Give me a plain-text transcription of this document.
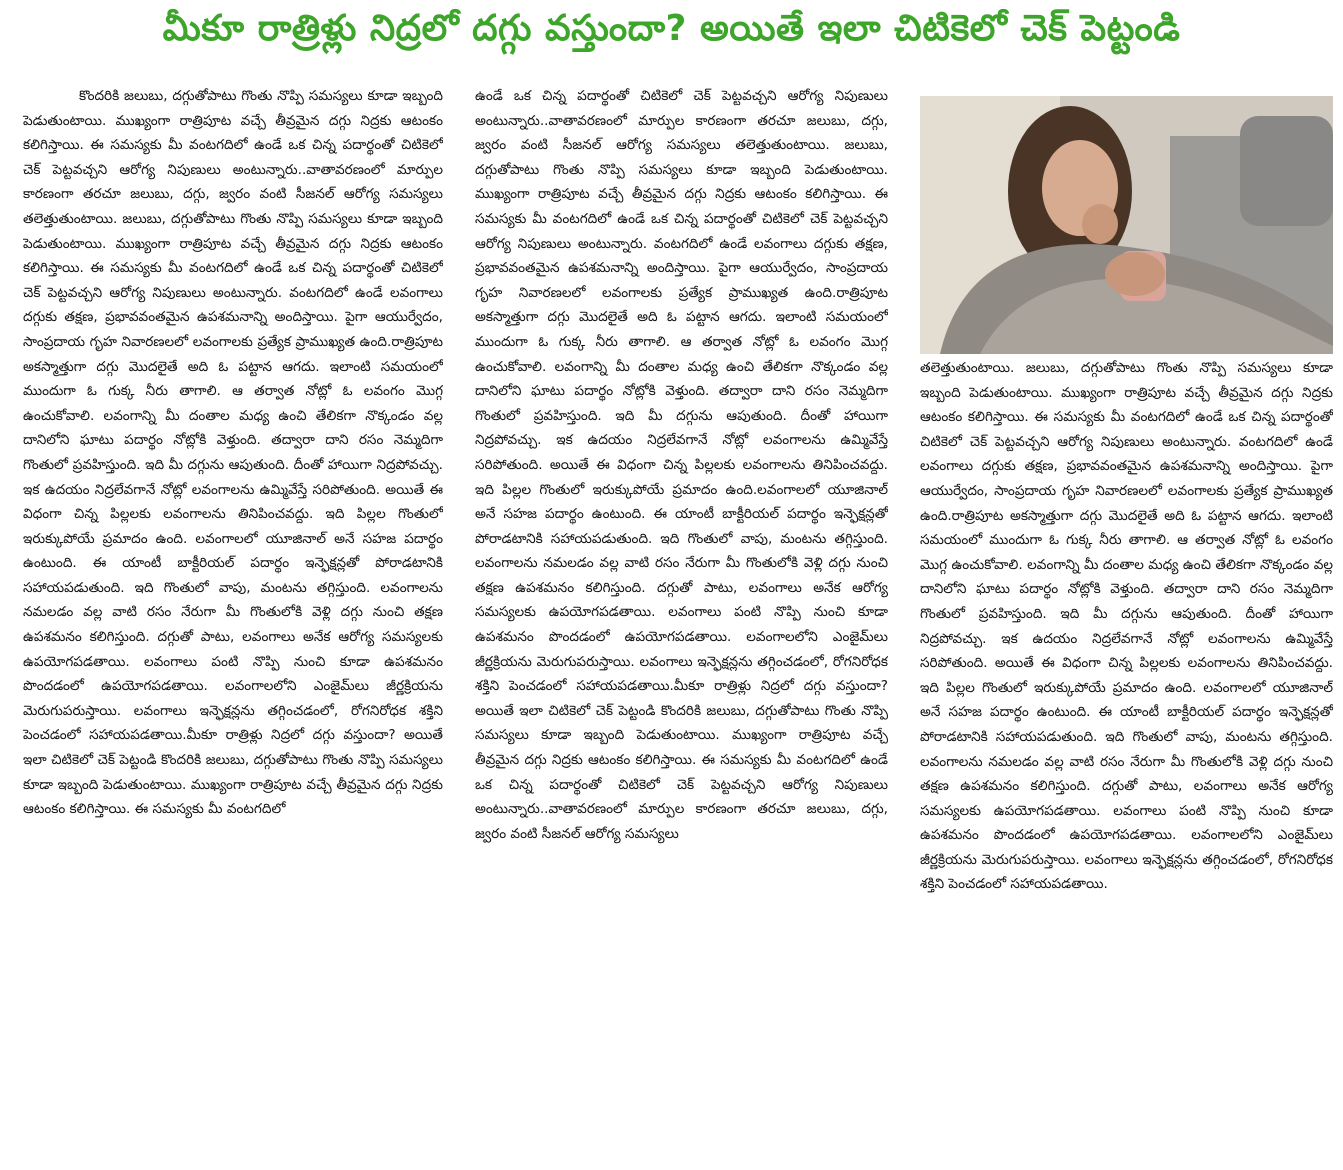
మీకూ రాత్రిళ్లు నిద్రలో దగ్గు వస్తుందా? అయితే ఇలా చిటికెలో చెక్ పెట్టండి

కొందరికి జలుబు, దగ్గుతోపాటు గొంతు నొప్పి సమస్యలు కూడా ఇబ్బంది పెడుతుంటాయి. ముఖ్యంగా రాత్రిపూట వచ్చే తీవ్రమైన దగ్గు నిద్రకు ఆటంకం కలిగిస్తాయి. ఈ సమస్యకు మీ వంటగదిలో ఉండే ఒక చిన్న పదార్థంతో చిటికెలో చెక్ పెట్టవచ్చని ఆరోగ్య నిపుణులు అంటున్నారు..వాతావరణంలో మార్పుల కారణంగా తరచూ జలుబు, దగ్గు, జ్వరం వంటి సీజనల్ ఆరోగ్య సమస్యలు తలెత్తుతుంటాయి. జలుబు, దగ్గుతోపాటు గొంతు నొప్పి సమస్యలు కూడా ఇబ్బంది పెడుతుంటాయి. ముఖ్యంగా రాత్రిపూట వచ్చే తీవ్రమైన దగ్గు నిద్రకు ఆటంకం కలిగిస్తాయి. ఈ సమస్యకు మీ వంటగదిలో ఉండే ఒక చిన్న పదార్థంతో చిటికెలో చెక్ పెట్టవచ్చని ఆరోగ్య నిపుణులు అంటున్నారు. వంటగదిలో ఉండే లవంగాలు దగ్గుకు తక్షణ, ప్రభావవంతమైన ఉపశమనాన్ని అందిస్తాయి. పైగా ఆయుర్వేదం, సాంప్రదాయ గృహ నివారణలలో లవంగాలకు ప్రత్యేక ప్రాముఖ్యత ఉంది.రాత్రిపూట అకస్మాత్తుగా దగ్గు మొదలైతే అది ఓ పట్టాన ఆగదు. ఇలాంటి సమయంలో ముందుగా ఓ గుక్క నీరు తాగాలి. ఆ తర్వాత నోట్లో ఓ లవంగం మొగ్గ ఉంచుకోవాలి. లవంగాన్ని మీ దంతాల మధ్య ఉంచి తేలికగా నొక్కండం వల్ల దానిలోని ఘాటు పదార్థం నోట్లోకి వెళ్తుంది. తద్వారా దాని రసం నెమ్మదిగా గొంతులో ప్రవహిస్తుంది. ఇది మీ దగ్గును ఆపుతుంది. దీంతో హాయిగా నిద్రపోవచ్చు. ఇక ఉదయం నిద్రలేవగానే నోట్లో లవంగాలను ఉమ్మివేస్తే సరిపోతుంది. అయితే ఈ విధంగా చిన్న పిల్లలకు లవంగాలను తినిపించవద్దు. ఇది పిల్లల గొంతులో ఇరుక్కుపోయే ప్రమాదం ఉంది. లవంగాలలో యూజినాల్ అనే సహజ పదార్థం ఉంటుంది. ఈ యాంటీ బాక్టీరియల్ పదార్థం ఇన్ఫెక్షన్లతో పోరాడటానికి సహాయపడుతుంది. ఇది గొంతులో వాపు, మంటను తగ్గిస్తుంది. లవంగాలను నమలడం వల్ల వాటి రసం నేరుగా మీ గొంతులోకి వెళ్లి దగ్గు నుంచి తక్షణ ఉపశమనం కలిగిస్తుంది. దగ్గుతో పాటు, లవంగాలు అనేక ఆరోగ్య సమస్యలకు ఉపయోగపడతాయి. లవంగాలు పంటి నొప్పి నుంచి కూడా ఉపశమనం పొందడంలో ఉపయోగపడతాయి. లవంగాలలోని ఎంజైమ్‌లు జీర్ణక్రియను మెరుగుపరుస్తాయి. లవంగాలు ఇన్ఫెక్షన్లను తగ్గించడంలో, రోగనిరోధక శక్తిని పెంచడంలో సహాయపడతాయి.మీకూ రాత్రిళ్లు నిద్రలో దగ్గు వస్తుందా? అయితే ఇలా చిటికెలో చెక్ పెట్టండి కొందరికి జలుబు, దగ్గుతోపాటు గొంతు నొప్పి సమస్యలు కూడా ఇబ్బంది పెడుతుంటాయి. ముఖ్యంగా రాత్రిపూట వచ్చే తీవ్రమైన దగ్గు నిద్రకు ఆటంకం కలిగిస్తాయి. ఈ సమస్యకు మీ వంటగదిలో

ఉండే ఒక చిన్న పదార్థంతో చిటికెలో చెక్ పెట్టవచ్చని ఆరోగ్య నిపుణులు అంటున్నారు..వాతావరణంలో మార్పుల కారణంగా తరచూ జలుబు, దగ్గు, జ్వరం వంటి సీజనల్ ఆరోగ్య సమస్యలు తలెత్తుతుంటాయి. జలుబు, దగ్గుతోపాటు గొంతు నొప్పి సమస్యలు కూడా ఇబ్బంది పెడుతుంటాయి. ముఖ్యంగా రాత్రిపూట వచ్చే తీవ్రమైన దగ్గు నిద్రకు ఆటంకం కలిగిస్తాయి. ఈ సమస్యకు మీ వంటగదిలో ఉండే ఒక చిన్న పదార్థంతో చిటికెలో చెక్ పెట్టవచ్చని ఆరోగ్య నిపుణులు అంటున్నారు. వంటగదిలో ఉండే లవంగాలు దగ్గుకు తక్షణ, ప్రభావవంతమైన ఉపశమనాన్ని అందిస్తాయి. పైగా ఆయుర్వేదం, సాంప్రదాయ గృహ నివారణలలో లవంగాలకు ప్రత్యేక ప్రాముఖ్యత ఉంది.రాత్రిపూట అకస్మాత్తుగా దగ్గు మొదలైతే అది ఓ పట్టాన ఆగదు. ఇలాంటి సమయంలో ముందుగా ఓ గుక్క నీరు తాగాలి. ఆ తర్వాత నోట్లో ఓ లవంగం మొగ్గ ఉంచుకోవాలి. లవంగాన్ని మీ దంతాల మధ్య ఉంచి తేలికగా నొక్కండం వల్ల దానిలోని ఘాటు పదార్థం నోట్లోకి వెళ్తుంది. తద్వారా దాని రసం నెమ్మదిగా గొంతులో ప్రవహిస్తుంది. ఇది మీ దగ్గును ఆపుతుంది. దీంతో హాయిగా నిద్రపోవచ్చు. ఇక ఉదయం నిద్రలేవగానే నోట్లో లవంగాలను ఉమ్మివేస్తే సరిపోతుంది. అయితే ఈ విధంగా చిన్న పిల్లలకు లవంగాలను తినిపించవద్దు. ఇది పిల్లల గొంతులో ఇరుక్కుపోయే ప్రమాదం ఉంది.లవంగాలలో యూజినాల్ అనే సహజ పదార్థం ఉంటుంది. ఈ యాంటీ బాక్టీరియల్ పదార్థం ఇన్ఫెక్షన్లతో పోరాడటానికి సహాయపడుతుంది. ఇది గొంతులో వాపు, మంటను తగ్గిస్తుంది. లవంగాలను నమలడం వల్ల వాటి రసం నేరుగా మీ గొంతులోకి వెళ్లి దగ్గు నుంచి తక్షణ ఉపశమనం కలిగిస్తుంది. దగ్గుతో పాటు, లవంగాలు అనేక ఆరోగ్య సమస్యలకు ఉపయోగపడతాయి. లవంగాలు పంటి నొప్పి నుంచి కూడా ఉపశమనం పొందడంలో ఉపయోగపడతాయి. లవంగాలలోని ఎంజైమ్‌లు జీర్ణక్రియను మెరుగుపరుస్తాయి. లవంగాలు ఇన్ఫెక్షన్లను తగ్గించడంలో, రోగనిరోధక శక్తిని పెంచడంలో సహాయపడతాయి.మీకూ రాత్రిళ్లు నిద్రలో దగ్గు వస్తుందా? అయితే ఇలా చిటికెలో చెక్ పెట్టండి కొందరికి జలుబు, దగ్గుతోపాటు గొంతు నొప్పి సమస్యలు కూడా ఇబ్బంది పెడుతుంటాయి. ముఖ్యంగా రాత్రిపూట వచ్చే తీవ్రమైన దగ్గు నిద్రకు ఆటంకం కలిగిస్తాయి. ఈ సమస్యకు మీ వంటగదిలో ఉండే ఒక చిన్న పదార్థంతో చిటికెలో చెక్ పెట్టవచ్చని ఆరోగ్య నిపుణులు అంటున్నారు..వాతావరణంలో మార్పుల కారణంగా తరచూ జలుబు, దగ్గు, జ్వరం వంటి సీజనల్ ఆరోగ్య సమస్యలు

తలెత్తుతుంటాయి. జలుబు, దగ్గుతోపాటు గొంతు నొప్పి సమస్యలు కూడా ఇబ్బంది పెడుతుంటాయి. ముఖ్యంగా రాత్రిపూట వచ్చే తీవ్రమైన దగ్గు నిద్రకు ఆటంకం కలిగిస్తాయి. ఈ సమస్యకు మీ వంటగదిలో ఉండే ఒక చిన్న పదార్థంతో చిటికెలో చెక్ పెట్టవచ్చని ఆరోగ్య నిపుణులు అంటున్నారు. వంటగదిలో ఉండే లవంగాలు దగ్గుకు తక్షణ, ప్రభావవంతమైన ఉపశమనాన్ని అందిస్తాయి. పైగా ఆయుర్వేదం, సాంప్రదాయ గృహ నివారణలలో లవంగాలకు ప్రత్యేక ప్రాముఖ్యత ఉంది.రాత్రిపూట అకస్మాత్తుగా దగ్గు మొదలైతే అది ఓ పట్టాన ఆగదు. ఇలాంటి సమయంలో ముందుగా ఓ గుక్క నీరు తాగాలి. ఆ తర్వాత నోట్లో ఓ లవంగం మొగ్గ ఉంచుకోవాలి. లవంగాన్ని మీ దంతాల మధ్య ఉంచి తేలికగా నొక్కండం వల్ల దానిలోని ఘాటు పదార్థం నోట్లోకి వెళ్తుంది. తద్వారా దాని రసం నెమ్మదిగా గొంతులో ప్రవహిస్తుంది. ఇది మీ దగ్గును ఆపుతుంది. దీంతో హాయిగా నిద్రపోవచ్చు. ఇక ఉదయం నిద్రలేవగానే నోట్లో లవంగాలను ఉమ్మివేస్తే సరిపోతుంది. అయితే ఈ విధంగా చిన్న పిల్లలకు లవంగాలను తినిపించవద్దు. ఇది పిల్లల గొంతులో ఇరుక్కుపోయే ప్రమాదం ఉంది. లవంగాలలో యూజినాల్ అనే సహజ పదార్థం ఉంటుంది. ఈ యాంటీ బాక్టీరియల్ పదార్థం ఇన్ఫెక్షన్లతో పోరాడటానికి సహాయపడుతుంది. ఇది గొంతులో వాపు, మంటను తగ్గిస్తుంది. లవంగాలను నమలడం వల్ల వాటి రసం నేరుగా మీ గొంతులోకి వెళ్లి దగ్గు నుంచి తక్షణ ఉపశమనం కలిగిస్తుంది. దగ్గుతో పాటు, లవంగాలు అనేక ఆరోగ్య సమస్యలకు ఉపయోగపడతాయి. లవంగాలు పంటి నొప్పి నుంచి కూడా ఉపశమనం పొందడంలో ఉపయోగపడతాయి. లవంగాలలోని ఎంజైమ్‌లు జీర్ణక్రియను మెరుగుపరుస్తాయి. లవంగాలు ఇన్ఫెక్షన్లను తగ్గించడంలో, రోగనిరోధక శక్తిని పెంచడంలో సహాయపడతాయి.
